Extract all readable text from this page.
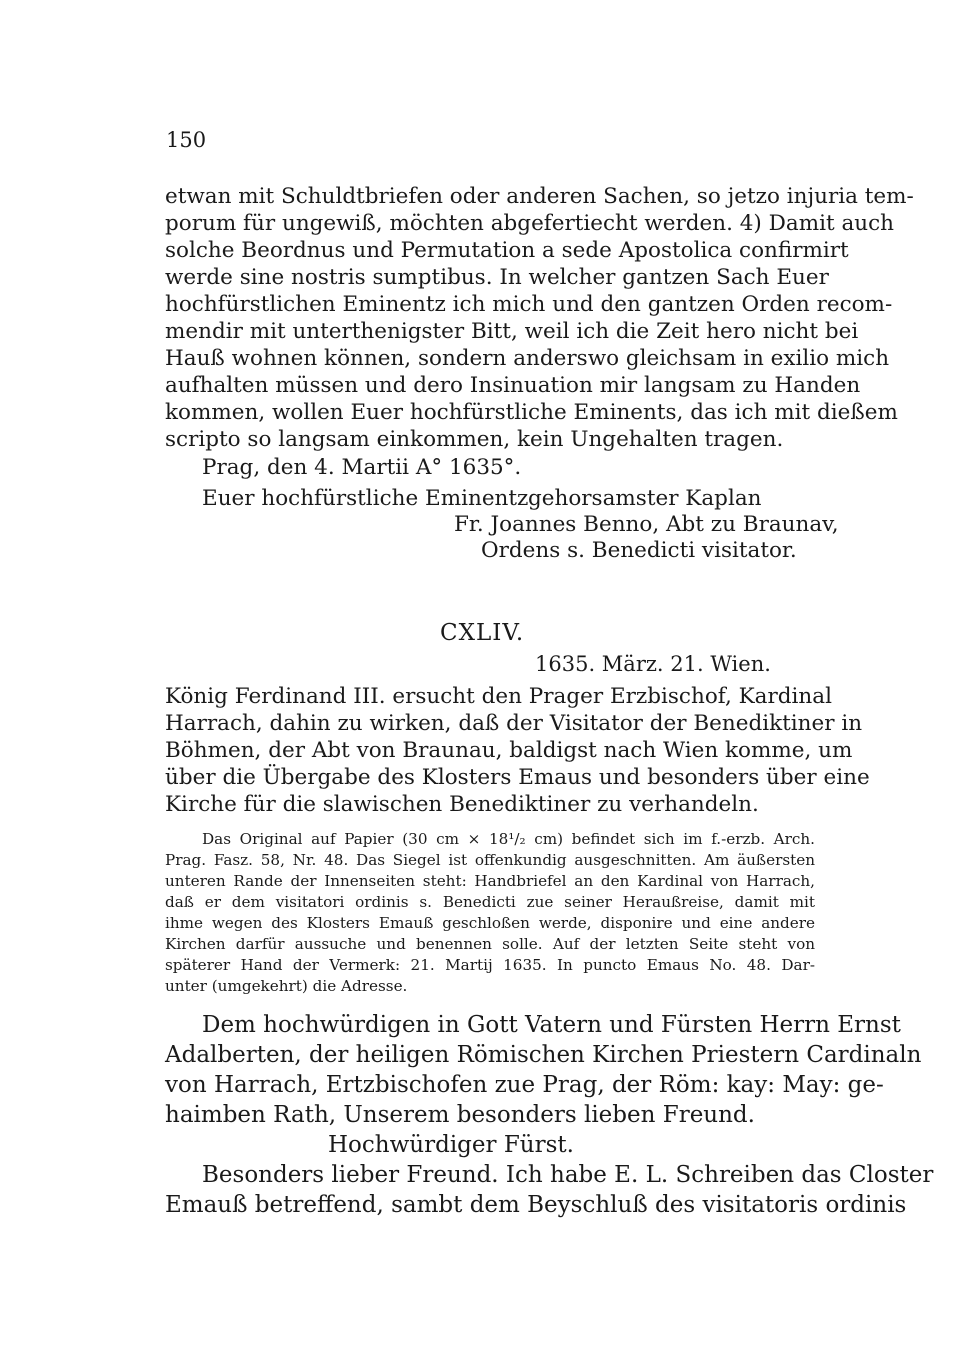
150
etwan mit Schuldtbriefen oder anderen Sachen, so jetzo injuria tem-
porum für ungewiß, möchten abgefertiecht werden. 4) Damit auch
solche Beordnus und Permutation a sede Apostolica confirmirt
werde sine nostris sumptibus. In welcher gantzen Sach Euer
hochfürstlichen Eminentz ich mich und den gantzen Orden recom-
mendir mit unterthenigster Bitt, weil ich die Zeit hero nicht bei
Hauß wohnen können, sondern anderswo gleichsam in exilio mich
aufhalten müssen und dero Insinuation mir langsam zu Handen
kommen, wollen Euer hochfürstliche Eminents, das ich mit dießem
scripto so langsam einkommen, kein Ungehalten tragen.
Prag, den 4. Martii A° 1635°.
Euer hochfürstliche Eminentz gehorsamster Kaplan
Fr. Joannes Benno, Abt zu Braunav,
Ordens s. Benedicti visitator.
CXLIV.
1635. März. 21. Wien.
König Ferdinand III. ersucht den Prager Erzbischof, Kardinal
Harrach, dahin zu wirken, daß der Visitator der Benediktiner in
Böhmen, der Abt von Braunau, baldigst nach Wien komme, um
über die Übergabe des Klosters Emaus und besonders über eine
Kirche für die slawischen Benediktiner zu verhandeln.
Das Original auf Papier (30 cm × 18¹/₂ cm) befindet sich im f.-erzb. Arch.
Prag. Fasz. 58, Nr. 48. Das Siegel ist offenkundig ausgeschnitten. Am äußersten
unteren Rande der Innenseiten steht: Handbriefel an den Kardinal von Harrach,
daß er dem visitatori ordinis s. Benedicti zue seiner Heraußreise, damit mit
ihme wegen des Klosters Emauß geschloßen werde, disponire und eine andere
Kirchen darfür aussuche und benennen solle. Auf der letzten Seite steht von
späterer Hand der Vermerk: 21. Martij 1635. In puncto Emaus No. 48. Dar-
unter (umgekehrt) die Adresse.
Dem hochwürdigen in Gott Vatern und Fürsten Herrn Ernst
Adalberten, der heiligen Römischen Kirchen Priestern Cardinaln
von Harrach, Ertzbischofen zue Prag, der Röm: kay: May: ge-
haimben Rath, Unserem besonders lieben Freund.
Hochwürdiger Fürst.
Besonders lieber Freund. Ich habe E. L. Schreiben das Closter
Emauß betreffend, sambt dem Beyschluß des visitatoris ordinis
